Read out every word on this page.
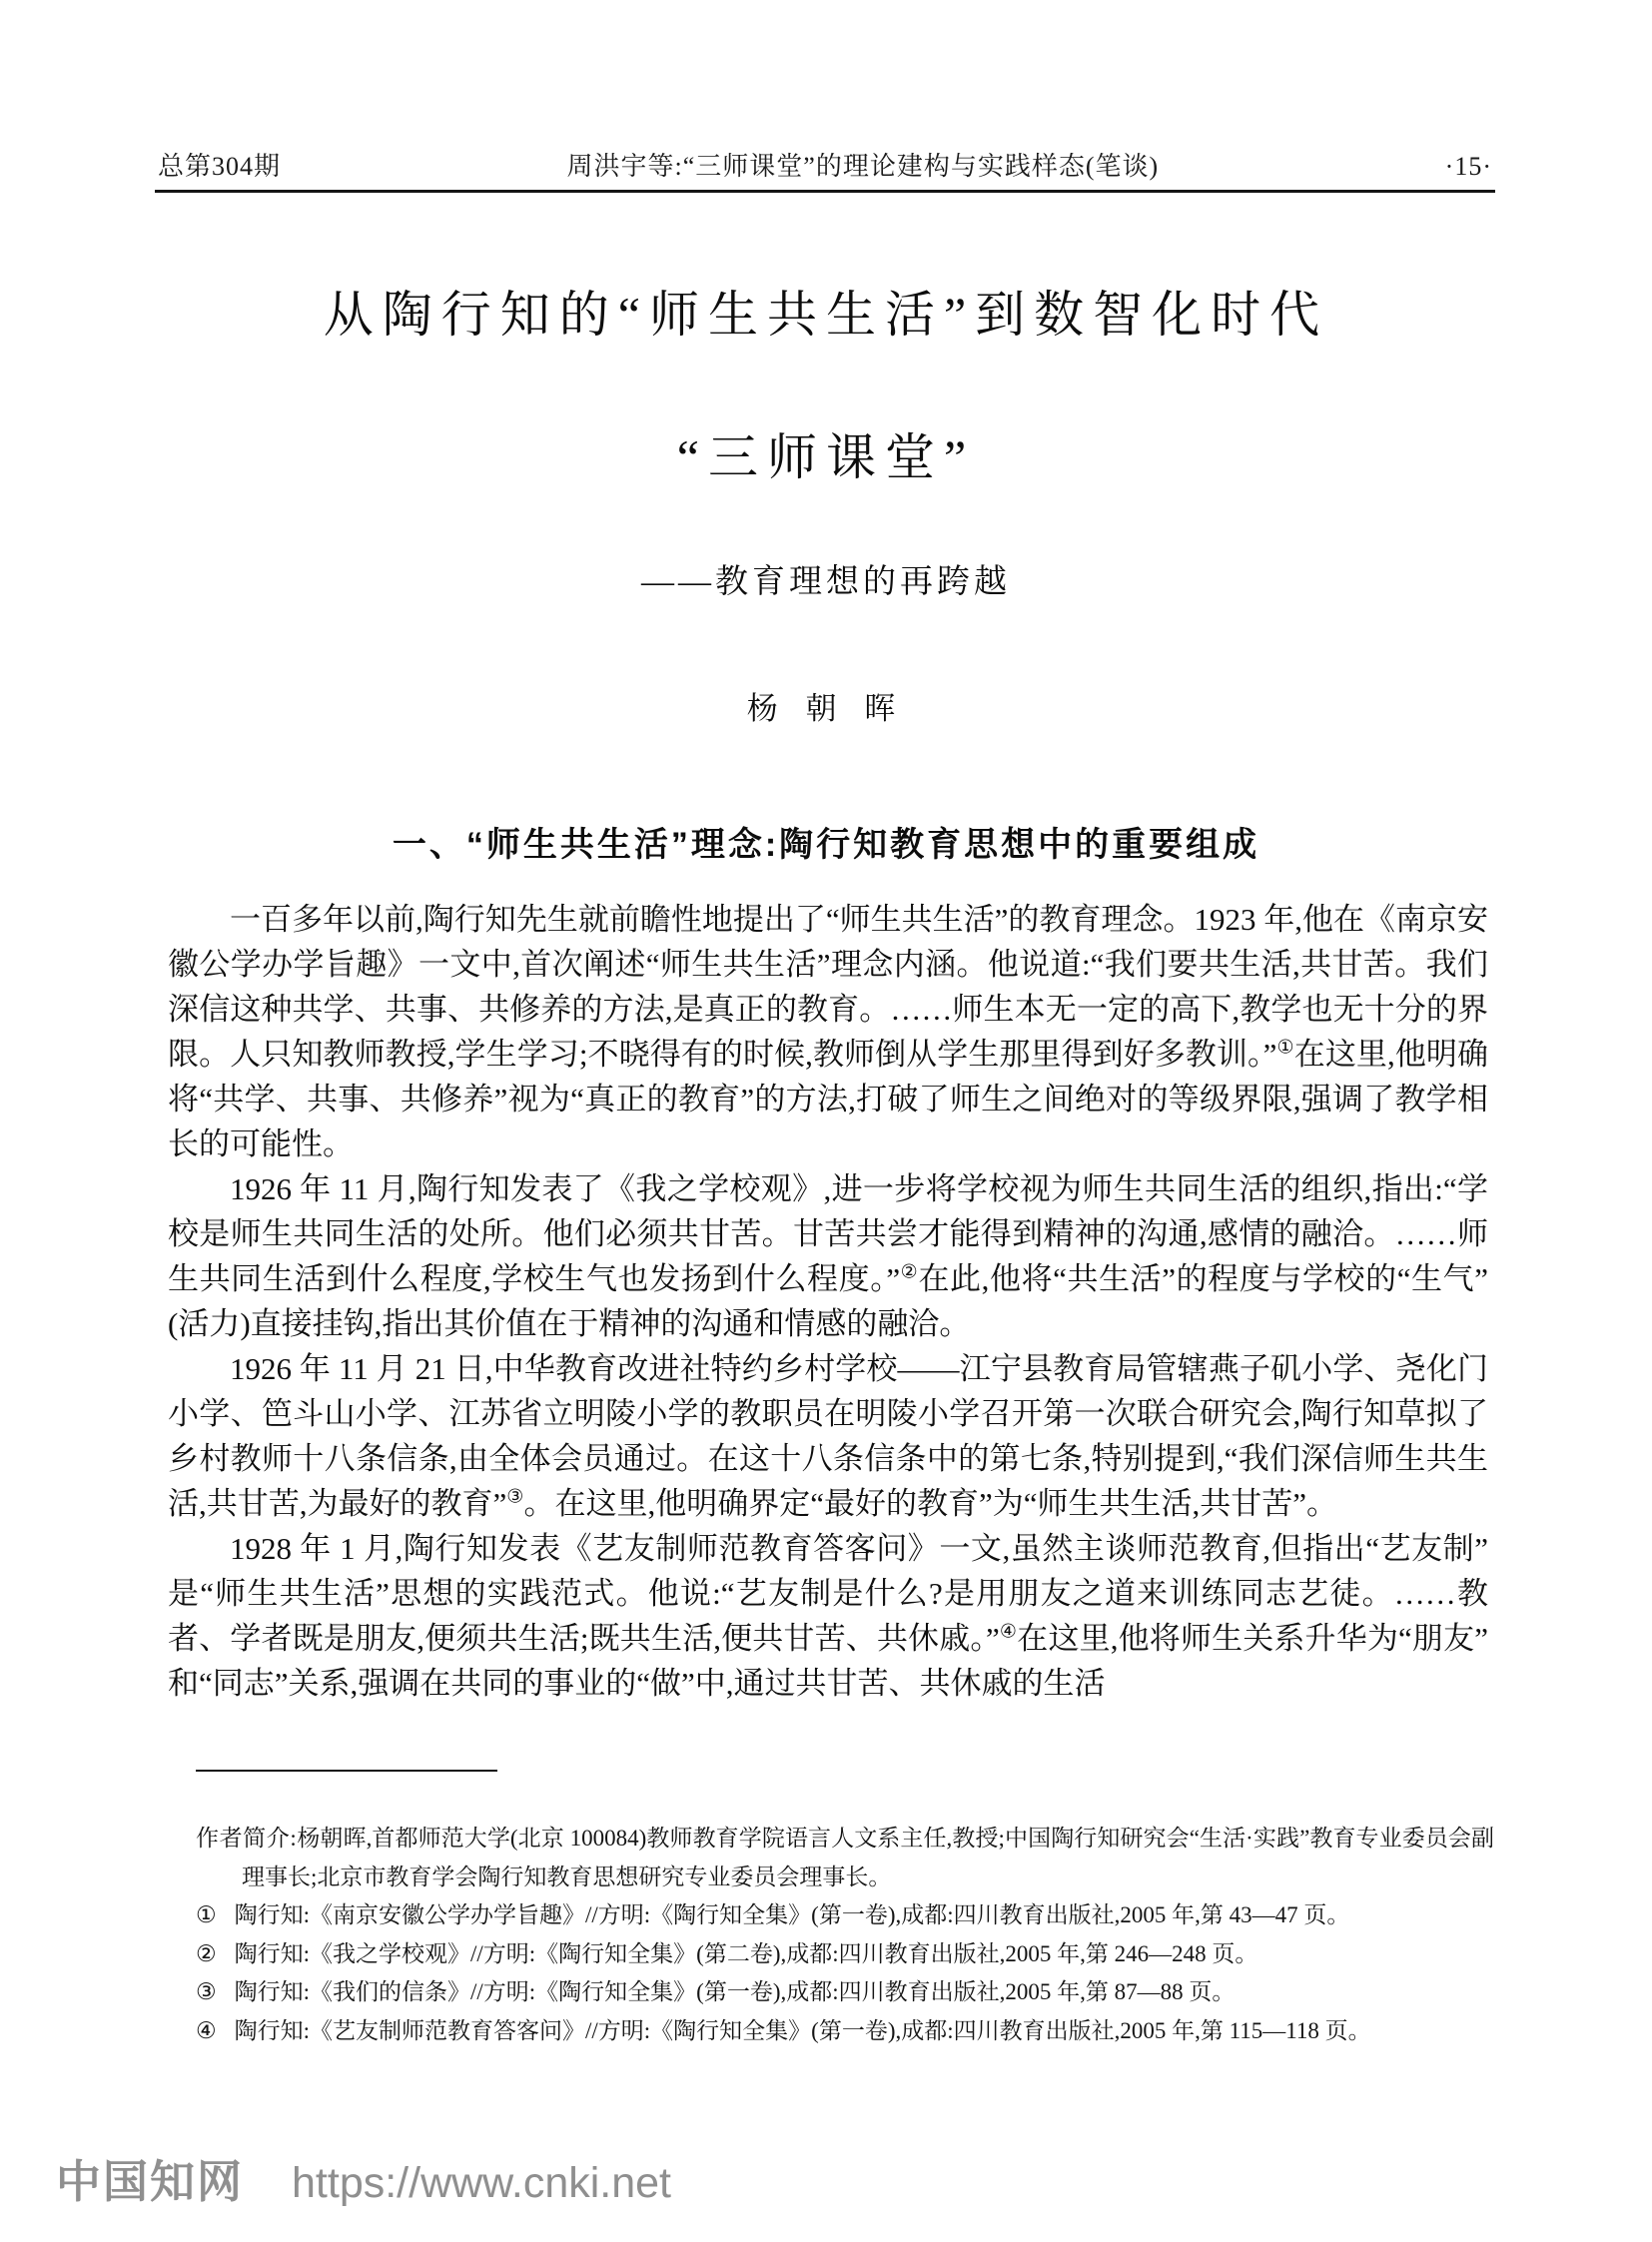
总第304期	周洪宇等:“三师课堂”的理论建构与实践样态(笔谈)	·15·
从陶行知的“师生共生活”到数智化时代
“三师课堂”
——教育理想的再跨越
杨 朝 晖
一、“师生共生活”理念:陶行知教育思想中的重要组成

一百多年以前,陶行知先生就前瞻性地提出了“师生共生活”的教育理念。1923 年,他在《南京安徽公学办学旨趣》一文中,首次阐述“师生共生活”理念内涵。他说道:“我们要共生活,共甘苦。我们深信这种共学、共事、共修养的方法,是真正的教育。……师生本无一定的高下,教学也无十分的界限。人只知教师教授,学生学习;不晓得有的时候,教师倒从学生那里得到好多教训。”①在这里,他明确将“共学、共事、共修养”视为“真正的教育”的方法,打破了师生之间绝对的等级界限,强调了教学相长的可能性。

1926 年 11 月,陶行知发表了《我之学校观》,进一步将学校视为师生共同生活的组织,指出:“学校是师生共同生活的处所。他们必须共甘苦。甘苦共尝才能得到精神的沟通,感情的融洽。……师生共同生活到什么程度,学校生气也发扬到什么程度。”②在此,他将“共生活”的程度与学校的“生气”(活力)直接挂钩,指出其价值在于精神的沟通和情感的融洽。

1926 年 11 月 21 日,中华教育改进社特约乡村学校——江宁县教育局管辖燕子矶小学、尧化门小学、笆斗山小学、江苏省立明陵小学的教职员在明陵小学召开第一次联合研究会,陶行知草拟了乡村教师十八条信条,由全体会员通过。在这十八条信条中的第七条,特别提到,“我们深信师生共生活,共甘苦,为最好的教育”③。在这里,他明确界定“最好的教育”为“师生共生活,共甘苦”。

1928 年 1 月,陶行知发表《艺友制师范教育答客问》一文,虽然主谈师范教育,但指出“艺友制”是“师生共生活”思想的实践范式。他说:“艺友制是什么?是用朋友之道来训练同志艺徒。……教者、学者既是朋友,便须共生活;既共生活,便共甘苦、共休戚。”④在这里,他将师生关系升华为“朋友”和“同志”关系,强调在共同的事业的“做”中,通过共甘苦、共休戚的生活

作者简介:杨朝晖,首都师范大学(北京 100084)教师教育学院语言人文系主任,教授;中国陶行知研究会“生活·实践”教育专业委员会副理事长;北京市教育学会陶行知教育思想研究专业委员会理事长。

① 陶行知:《南京安徽公学办学旨趣》//方明:《陶行知全集》(第一卷),成都:四川教育出版社,2005 年,第 43—47 页。
② 陶行知:《我之学校观》//方明:《陶行知全集》(第二卷),成都:四川教育出版社,2005 年,第 246—248 页。
③ 陶行知:《我们的信条》//方明:《陶行知全集》(第一卷),成都:四川教育出版社,2005 年,第 87—88 页。
④ 陶行知:《艺友制师范教育答客问》//方明:《陶行知全集》(第一卷),成都:四川教育出版社,2005 年,第 115—118 页。
中国知网 https://www.cnki.net
